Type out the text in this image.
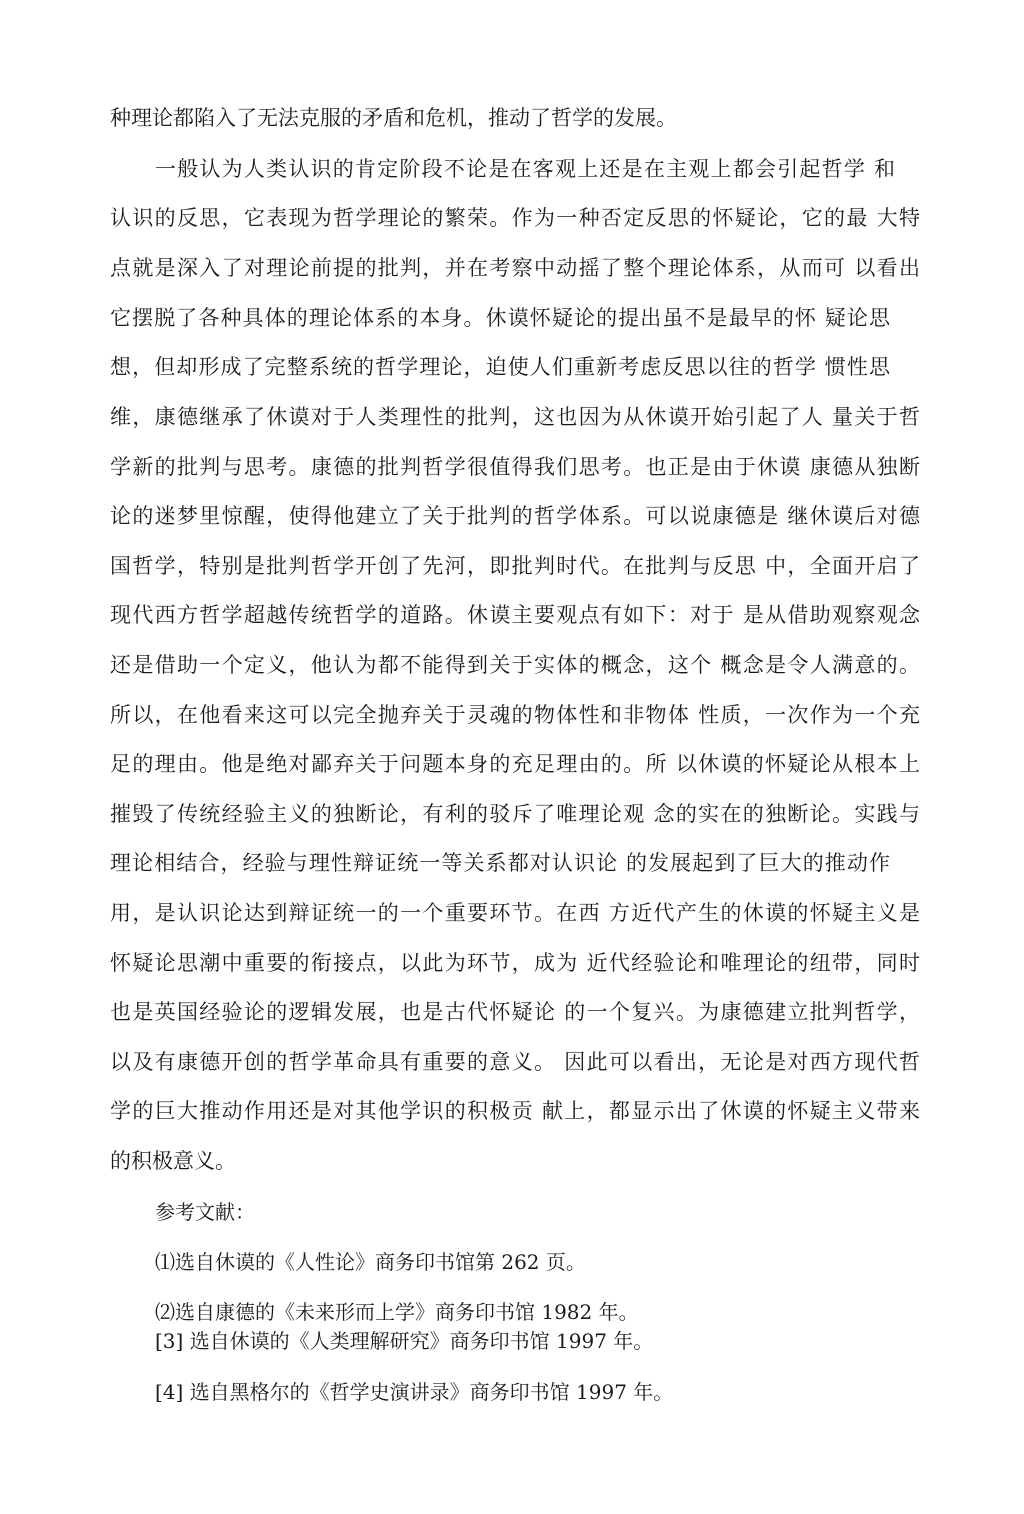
种理论都陷入了无法克服的矛盾和危机，推动了哲学的发展。
一般认为人类认识的肯定阶段不论是在客观上还是在主观上都会引起哲学 和
认识的反思，它表现为哲学理论的繁荣。作为一种否定反思的怀疑论，它的最 大特
点就是深入了对理论前提的批判，并在考察中动摇了整个理论体系，从而可 以看出
它摆脱了各种具体的理论体系的本身。休谟怀疑论的提出虽不是最早的怀 疑论思
想，但却形成了完整系统的哲学理论，迫使人们重新考虑反思以往的哲学 惯性思
维，康德继承了休谟对于人类理性的批判，这也因为从休谟开始引起了人 量关于哲
学新的批判与思考。康德的批判哲学很值得我们思考。也正是由于休谟 康德从独断
论的迷梦里惊醒，使得他建立了关于批判的哲学体系。可以说康德是 继休谟后对德
国哲学，特别是批判哲学开创了先河，即批判时代。在批判与反思 中，全面开启了
现代西方哲学超越传统哲学的道路。休谟主要观点有如下：对于 是从借助观察观念
还是借助一个定义，他认为都不能得到关于实体的概念，这个 概念是令人满意的。
所以，在他看来这可以完全抛弃关于灵魂的物体性和非物体 性质，一次作为一个充
足的理由。他是绝对鄙弃关于问题本身的充足理由的。所 以休谟的怀疑论从根本上
摧毁了传统经验主义的独断论，有利的驳斥了唯理论观 念的实在的独断论。实践与
理论相结合，经验与理性辩证统一等关系都对认识论 的发展起到了巨大的推动作
用，是认识论达到辩证统一的一个重要环节。在西 方近代产生的休谟的怀疑主义是
怀疑论思潮中重要的衔接点，以此为环节，成为 近代经验论和唯理论的纽带，同时
也是英国经验论的逻辑发展，也是古代怀疑论 的一个复兴。为康德建立批判哲学，
以及有康德开创的哲学革命具有重要的意义。 因此可以看出，无论是对西方现代哲
学的巨大推动作用还是对其他学识的积极贡 献上，都显示出了休谟的怀疑主义带来
的积极意义。
参考文献：
⑴选自休谟的《人性论》商务印书馆第 262 页。
⑵选自康德的《未来形而上学》商务印书馆 1982 年。
[3] 选自休谟的《人类理解研究》商务印书馆 1997 年。
[4] 选自黑格尔的《哲学史演讲录》商务印书馆 1997 年。
